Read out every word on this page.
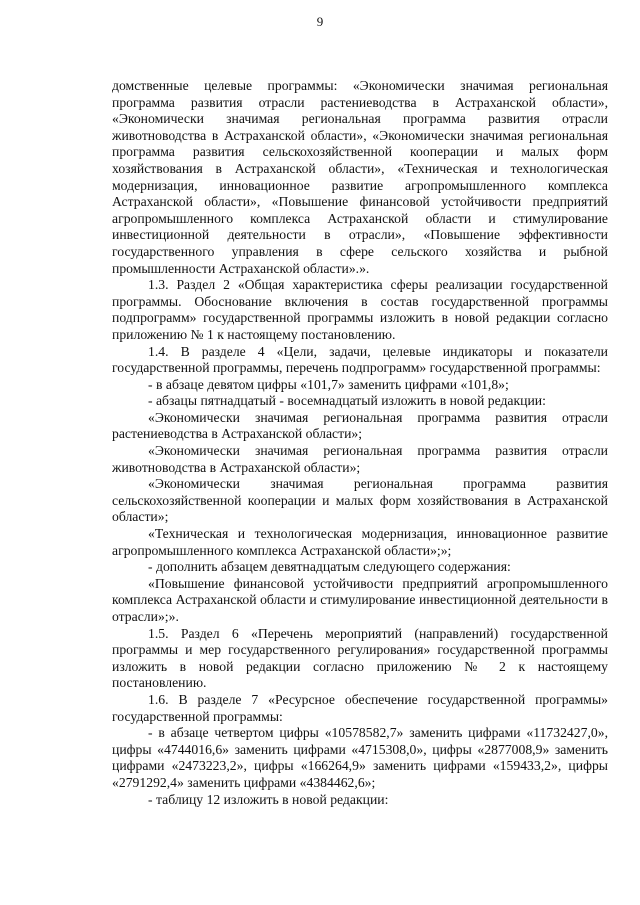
9

домственные целевые программы: «Экономически значимая региональная программа развития отрасли растениеводства в Астраханской области», «Экономически значимая региональная программа развития отрасли животноводства в Астраханской области», «Экономически значимая региональная программа развития сельскохозяйственной кооперации и малых форм хозяйствования в Астраханской области», «Техническая и технологическая модернизация, инновационное развитие агропромышленного комплекса Астраханской области», «Повышение финансовой устойчивости предприятий агропромышленного комплекса Астраханской области и стимулирование инвестиционной деятельности в отрасли», «Повышение эффективности государственного управления в сфере сельского хозяйства и рыбной промышленности Астраханской области».».

1.3. Раздел 2 «Общая характеристика сферы реализации государственной программы. Обоснование включения в состав государственной программы подпрограмм» государственной программы изложить в новой редакции согласно приложению № 1 к настоящему постановлению.

1.4. В разделе 4 «Цели, задачи, целевые индикаторы и показатели государственной программы, перечень подпрограмм» государственной программы:

- в абзаце девятом цифры «101,7» заменить цифрами «101,8»;

- абзацы пятнадцатый - восемнадцатый изложить в новой редакции:

«Экономически значимая региональная программа развития отрасли растениеводства в Астраханской области»;

«Экономически значимая региональная программа развития отрасли животноводства в Астраханской области»;

«Экономически значимая региональная программа развития сельскохозяйственной кооперации и малых форм хозяйствования в Астраханской области»;

«Техническая и технологическая модернизация, инновационное развитие агропромышленного комплекса Астраханской области»;»;

- дополнить абзацем девятнадцатым следующего содержания:

«Повышение финансовой устойчивости предприятий агропромышленного комплекса Астраханской области и стимулирование инвестиционной деятельности в отрасли»;».

1.5. Раздел 6 «Перечень мероприятий (направлений) государственной программы и мер государственного регулирования» государственной программы изложить в новой редакции согласно приложению № 2 к настоящему постановлению.

1.6. В разделе 7 «Ресурсное обеспечение государственной программы» государственной программы:

- в абзаце четвертом цифры «10578582,7» заменить цифрами «11732427,0», цифры «4744016,6» заменить цифрами «4715308,0», цифры «2877008,9» заменить цифрами «2473223,2», цифры «166264,9» заменить цифрами «159433,2», цифры «2791292,4» заменить цифрами «4384462,6»;

- таблицу 12 изложить в новой редакции:
